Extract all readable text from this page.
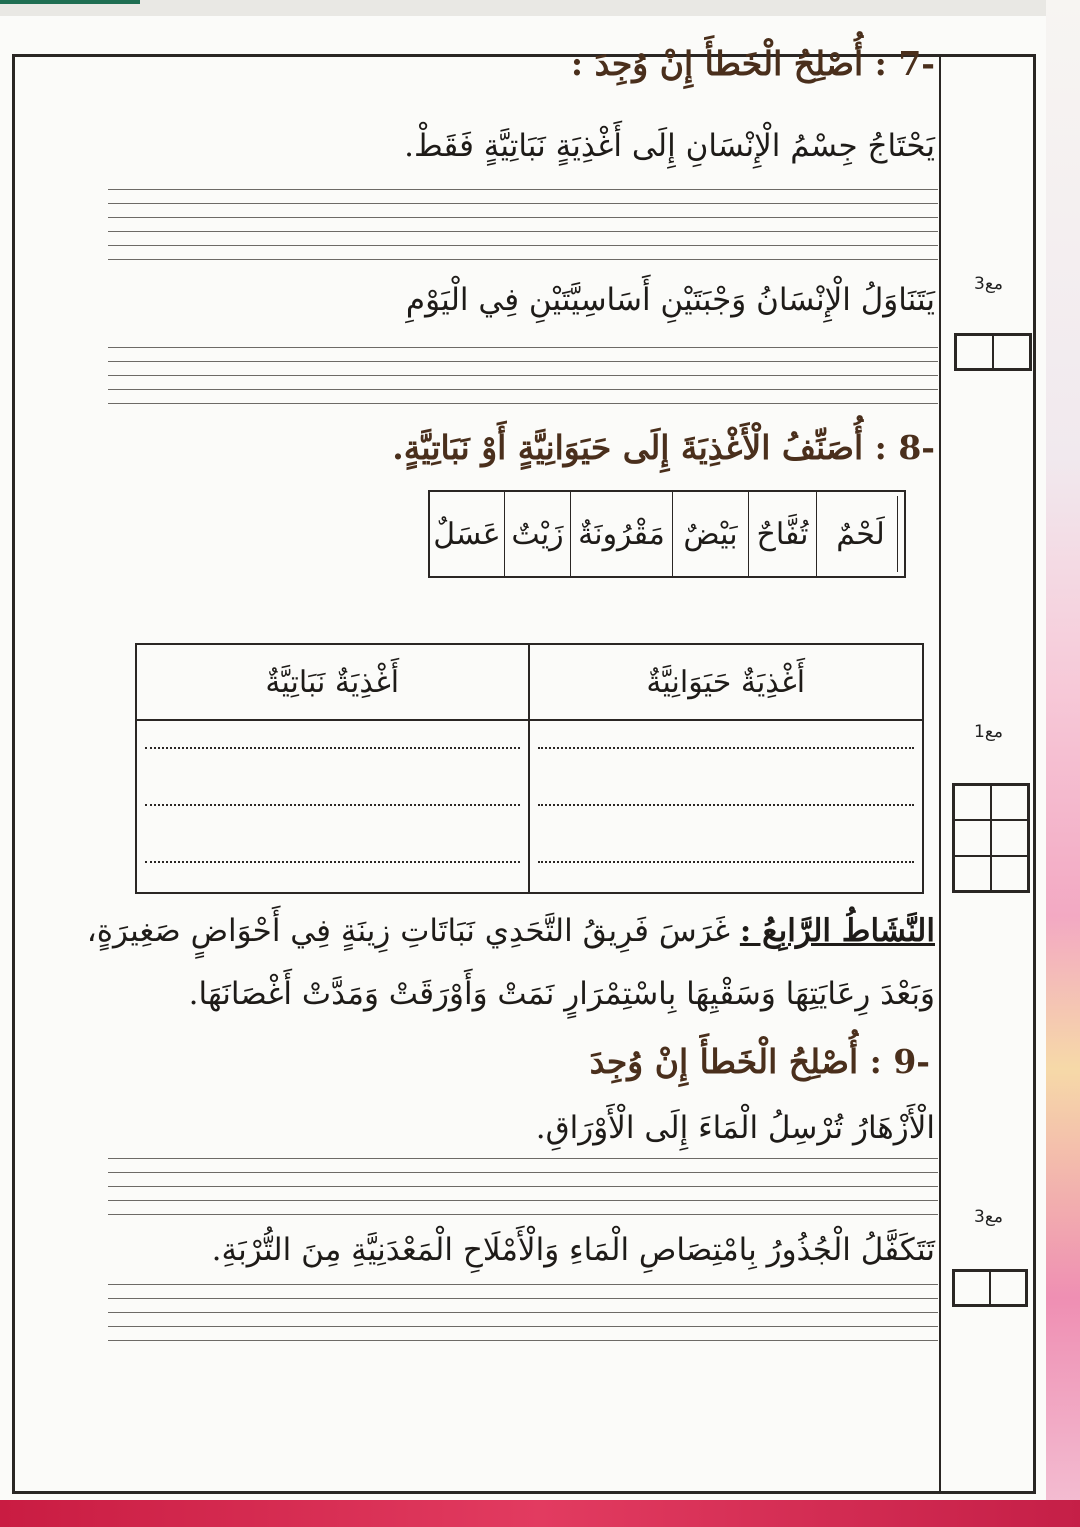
-7 : أُصْلِحُ الْخَطأَ إِنْ وُجِدَ :
يَحْتَاجُ جِسْمُ الْإِنْسَانِ إِلَى أَغْذِيَةٍ نَبَاتِيَّةٍ فَقَطْ.
يَتَنَاوَلُ الْإِنْسَانُ وَجْبَتَيْنِ أَسَاسِيَّتَيْنِ فِي الْيَوْمِ مع3
-8 : أُصَنِّفُ الْأَغْذِيَةَ إِلَى حَيَوَانِيَّةٍ أَوْ نَبَاتِيَّةٍ.
لَحْمٌ
تُفَّاحٌ
بَيْضٌ
مَقْرُونَةٌ
زَيْتٌ
عَسَلٌ
أَغْذِيَةٌ حَيَوَانِيَّةٌ
أَغْذِيَةٌ نَبَاتِيَّةٌ
مع1
النَّشَاطُ الرَّابِعُ : غَرَسَ فَرِيقُ التَّحَدِي نَبَاتَاتِ زِينَةٍ فِي أَحْوَاضٍ صَغِيرَةٍ،
وَبَعْدَ رِعَايَتِهَا وَسَقْيِهَا بِاسْتِمْرَارٍ نَمَتْ وَأَوْرَقَتْ وَمَدَّتْ أَغْصَانَهَا.
-9 : أُصْلِحُ الْخَطأَ إِنْ وُجِدَ
الْأَزْهَارُ تُرْسِلُ الْمَاءَ إِلَى الْأَوْرَاقِ.
تَتَكَفَّلُ الْجُذُورُ بِامْتِصَاصِ الْمَاءِ وَالْأَمْلَاحِ الْمَعْدَنِيَّةِ مِنَ التُّرْبَةِ.
مع3
